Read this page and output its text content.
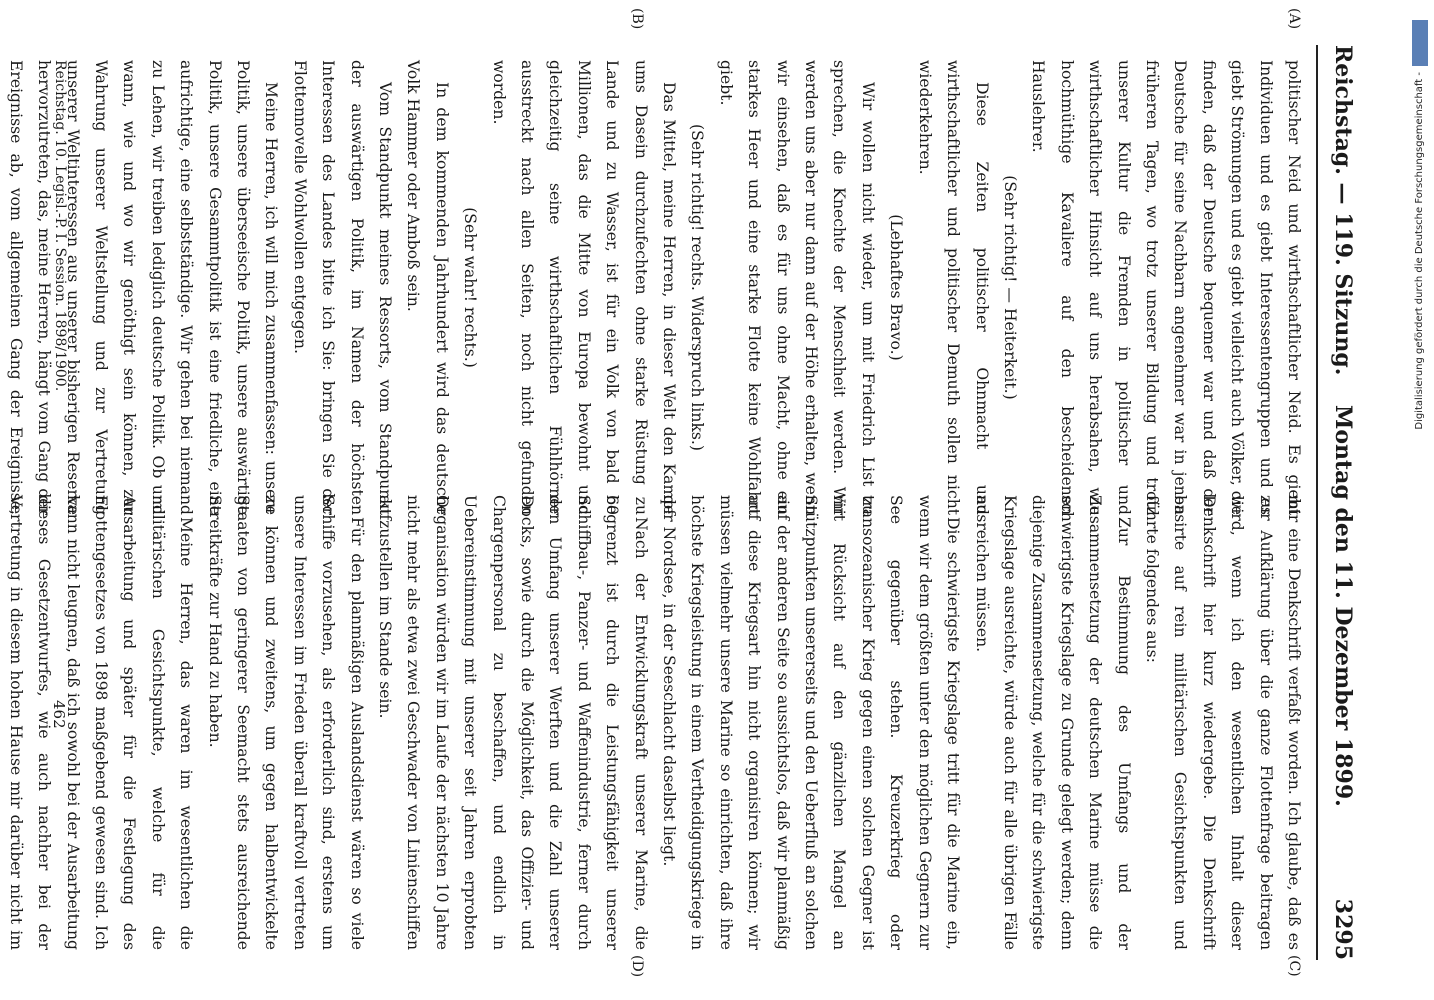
Reichstag. — 119. Sitzung.
Montag den 11. Dezember 1899.
3295
(A)
(B)
(C)
(D)

politischer Neid und wirthschaftlicher Neid. Es giebt Individuen und es giebt Interessentengruppen und es giebt Strömungen und es giebt vielleicht auch Völker, die finden, daß der Deutsche bequemer war und daß der Deutsche für seine Nachbarn angenehmer war in jenen früheren Tagen, wo trotz unserer Bildung und trotz unserer Kultur die Fremden in politischer und wirthschaftlicher Hinsicht auf uns herabsahen, wie hochmüthige Kavaliere auf den bescheidenen Hauslehrer.

(Sehr richtig! — Heiterkeit.)

Diese Zeiten politischer Ohnmacht und wirthschaftlicher und politischer Demuth sollen nicht wiederkehren.

(Lebhaftes Bravo.)

Wir wollen nicht wieder, um mit Friedrich List zu sprechen, die Knechte der Menschheit werden. Wir werden uns aber nur dann auf der Höhe erhalten, wenn wir einsehen, daß es für uns ohne Macht, ohne ein starkes Heer und eine starke Flotte keine Wohlfahrt giebt.

(Sehr richtig! rechts. Widerspruch links.)

Das Mittel, meine Herren, in dieser Welt den Kampf ums Dasein durchzufechten ohne starke Rüstung zu Lande und zu Wasser, ist für ein Volk von bald 60 Millionen, das die Mitte von Europa bewohnt und gleichzeitig seine wirthschaftlichen Fühlhörner ausstreckt nach allen Seiten, noch nicht gefunden worden.

(Sehr wahr! rechts.)

In dem kommenden Jahrhundert wird das deutsche Volk Hammer oder Amboß sein.

Vom Standpunkt meines Ressorts, vom Standpunkt der auswärtigen Politik, im Namen der höchsten Interessen des Landes bitte ich Sie: bringen Sie der Flottennovelle Wohlwollen entgegen.

Meine Herren, ich will mich zusammenfassen: unsere Politik, unsere überseeische Politik, unsere auswärtige Politik, unsere Gesammtpolitik ist eine friedliche, eine aufrichtige, eine selbstständige. Wir gehen bei niemand zu Lehen, wir treiben lediglich deutsche Politik. Ob und wann, wie und wo wir genöthigt sein können, zur Wahrung unserer Weltstellung und zur Vertretung unserer Weltinteressen aus unserer bisherigen Reserve hervorzutreten, das, meine Herren, hängt vom Gang der Ereignisse ab, vom allgemeinen Gang der Ereignisse,

mir eine Denkschrift verfaßt worden. Ich glaube, daß es zur Aufklärung über die ganze Flottenfrage beitragen wird, wenn ich den wesentlichen Inhalt dieser Denkschrift hier kurz wiedergebe. Die Denkschrift basirte auf rein militärischen Gesichtspunkten und führte folgendes aus:

Zur Bestimmung des Umfangs und der Zusammensetzung der deutschen Marine müsse die schwierigste Kriegslage zu Grunde gelegt werden; denn diejenige Zusammensetzung, welche für die schwierigste Kriegslage ausreichte, würde auch für alle übrigen Fälle ausreichen müssen.

Die schwierigste Kriegslage tritt für die Marine ein, wenn wir dem größten unter den möglichen Gegnern zur See gegenüber stehen. Kreuzerkrieg oder transozeanischer Krieg gegen einen solchen Gegner ist mit Rücksicht auf den gänzlichen Mangel an Stützpunkten unsererseits und den Ueberfluß an solchen auf der anderen Seite so aussichtslos, daß wir planmäßig auf diese Kriegsart hin nicht organisiren können; wir müssen vielmehr unsere Marine so einrichten, daß ihre höchste Kriegsleistung in einem Vertheidigungskriege in der Nordsee, in der Seeschlacht daselbst liegt.

Nach der Entwicklungskraft unserer Marine, die begrenzt ist durch die Leistungsfähigkeit unserer Schiffbau-, Panzer- und Waffenindustrie, ferner durch den Umfang unserer Werften und die Zahl unserer Docks, sowie durch die Möglichkeit, das Offizier- und Chargenpersonal zu beschaffen, und endlich in Uebereinstimmung mit unserer seit Jahren erprobten Organisation würden wir im Laufe der nächsten 10 Jahre nicht mehr als etwa zwei Geschwader von Linienschiffen aufzustellen im Stande sein.

Für den planmäßigen Auslandsdienst wären so viele Schiffe vorzusehen, als erforderlich sind, erstens um unsere Interessen im Frieden überall kraftvoll vertreten zu können und zweitens, um gegen halbentwickelte Staaten von geringerer Seemacht stets ausreichende Streitkräfte zur Hand zu haben.

Meine Herren, das waren im wesentlichen die militärischen Gesichtspunkte, welche für die Ausarbeitung und später für die Festlegung des Flottengesetzes von 1898 maßgebend gewesen sind. Ich kann nicht leugnen, daß ich sowohl bei der Ausarbeitung dieses Gesetzentwurfes, wie auch nachher bei der Vertretung in diesem hohen Hause mir darüber nicht im

Reichstag. 10. Legisl.-P. I. Session. 1898/1900.
462
DFG
Digitalisierung gefördert durch die Deutsche Forschungsgemeinschaft -
